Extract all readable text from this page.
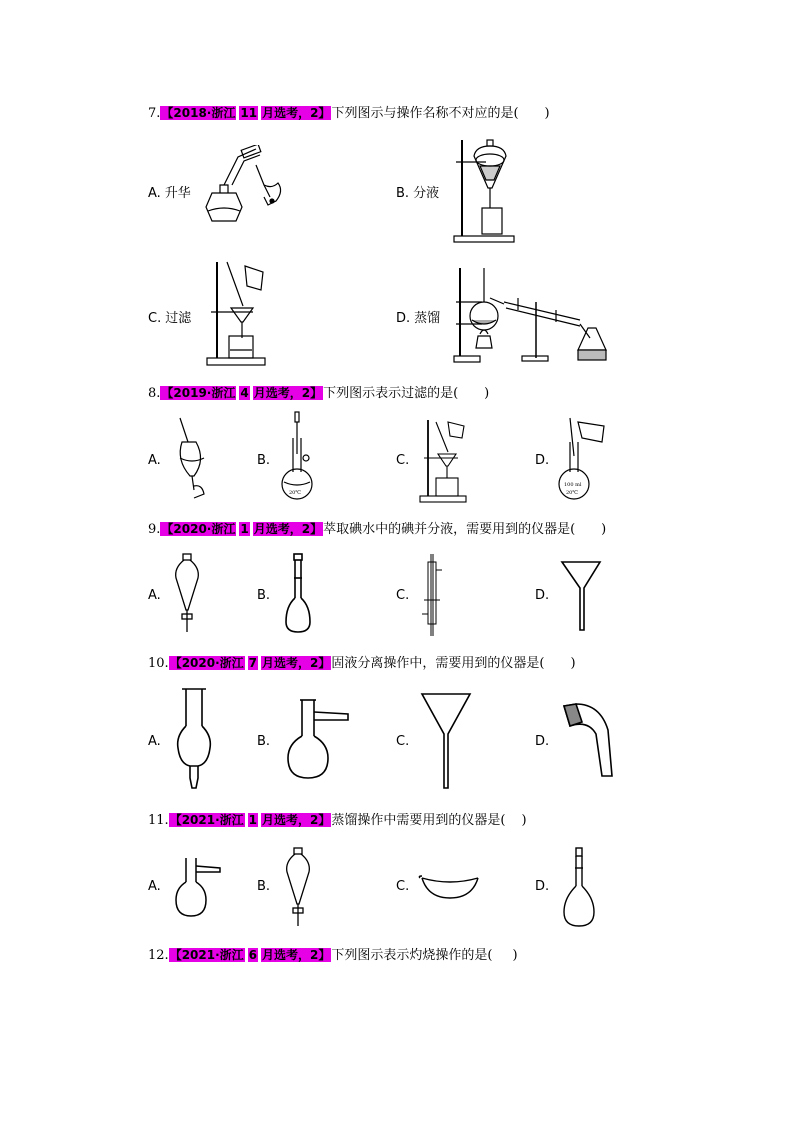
7.【2018·浙江 11 月选考，2】下列图示与操作名称不对应的是( )
A. 升华	B. 分液
C. 过滤	D. 蒸馏
8.【2019·浙江 4 月选考，2】下列图示表示过滤的是( )
A.	B.
20℃
C.	D.
100 ml
20℃
9.【2020·浙江 1 月选考，2】萃取碘水中的碘并分液，需要用到的仪器是( )
A.	B.	C.	D.
10.【2020·浙江 7 月选考，2】固液分离操作中，需要用到的仪器是( )
A.	B.	C.	D.
11.【2021·浙江 1 月选考，2】蒸馏操作中需要用到的仪器是( )
A.	B.	C.	D.
12.【2021·浙江 6 月选考，2】下列图示表示灼烧操作的是( )
